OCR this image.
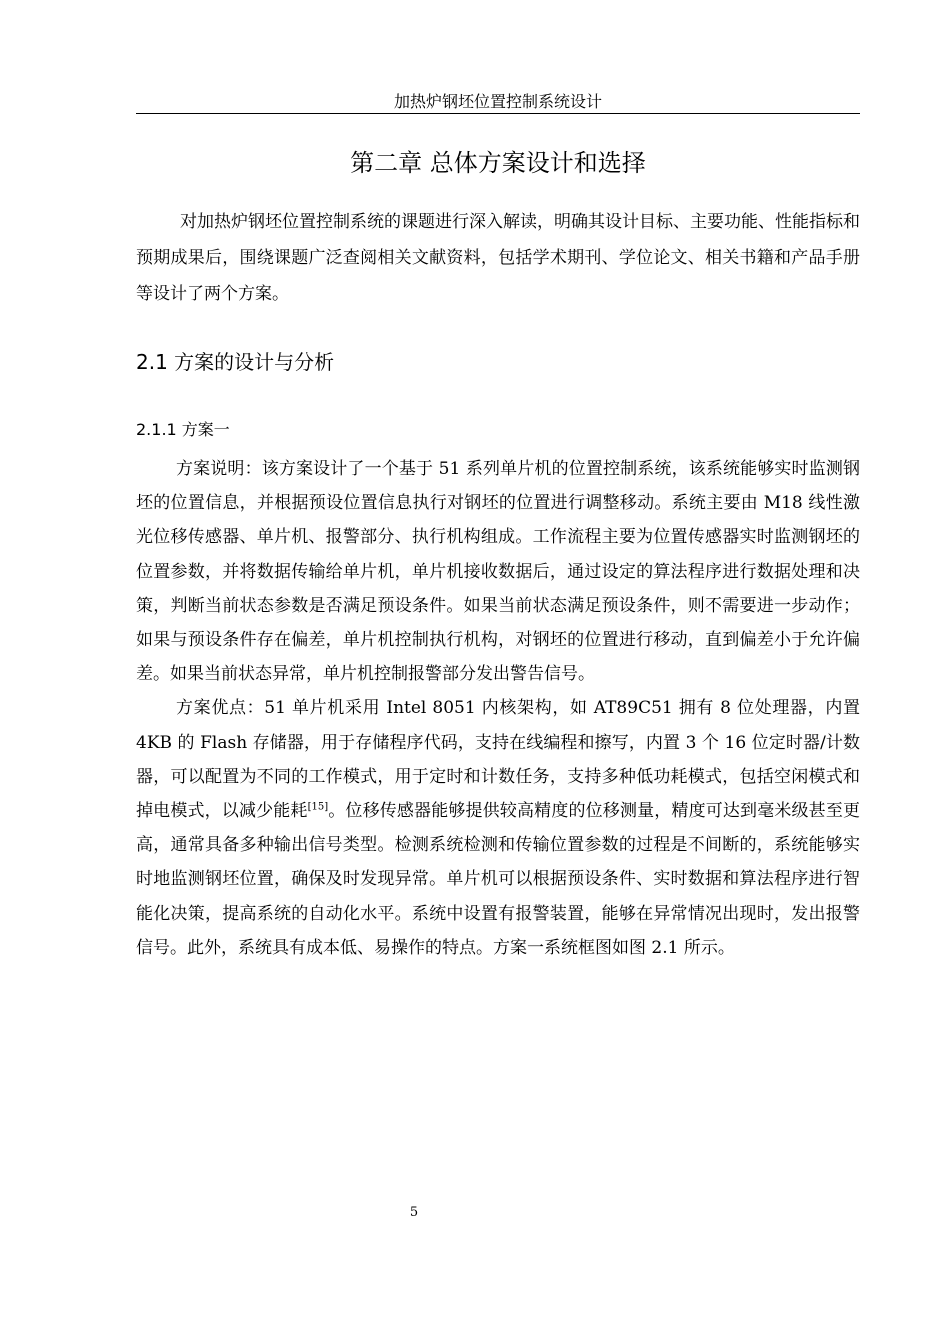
加热炉钢坯位置控制系统设计
第二章 总体方案设计和选择
对加热炉钢坯位置控制系统的课题进行深入解读，明确其设计目标、主要功能、性能指标和预期成果后，围绕课题广泛查阅相关文献资料，包括学术期刊、学位论文、相关书籍和产品手册等设计了两个方案。
2.1 方案的设计与分析
2.1.1 方案一

方案说明：该方案设计了一个基于 51 系列单片机的位置控制系统，该系统能够实时监测钢坯的位置信息，并根据预设位置信息执行对钢坯的位置进行调整移动。系统主要由 M18 线性激光位移传感器、单片机、报警部分、执行机构组成。工作流程主要为位置传感器实时监测钢坯的位置参数，并将数据传输给单片机，单片机接收数据后，通过设定的算法程序进行数据处理和决策，判断当前状态参数是否满足预设条件。如果当前状态满足预设条件，则不需要进一步动作；如果与预设条件存在偏差，单片机控制执行机构，对钢坯的位置进行移动，直到偏差小于允许偏差。如果当前状态异常，单片机控制报警部分发出警告信号。

方案优点：51 单片机采用 Intel 8051 内核架构，如 AT89C51 拥有 8 位处理器，内置 4KB 的 Flash 存储器，用于存储程序代码，支持在线编程和擦写，内置 3 个 16 位定时器/计数器，可以配置为不同的工作模式，用于定时和计数任务，支持多种低功耗模式，包括空闲模式和掉电模式，以减少能耗[15]。位移传感器能够提供较高精度的位移测量，精度可达到毫米级甚至更高，通常具备多种输出信号类型。检测系统检测和传输位置参数的过程是不间断的，系统能够实时地监测钢坯位置，确保及时发现异常。单片机可以根据预设条件、实时数据和算法程序进行智能化决策，提高系统的自动化水平。系统中设置有报警装置，能够在异常情况出现时，发出报警信号。此外，系统具有成本低、易操作的特点。方案一系统框图如图 2.1 所示。

5
